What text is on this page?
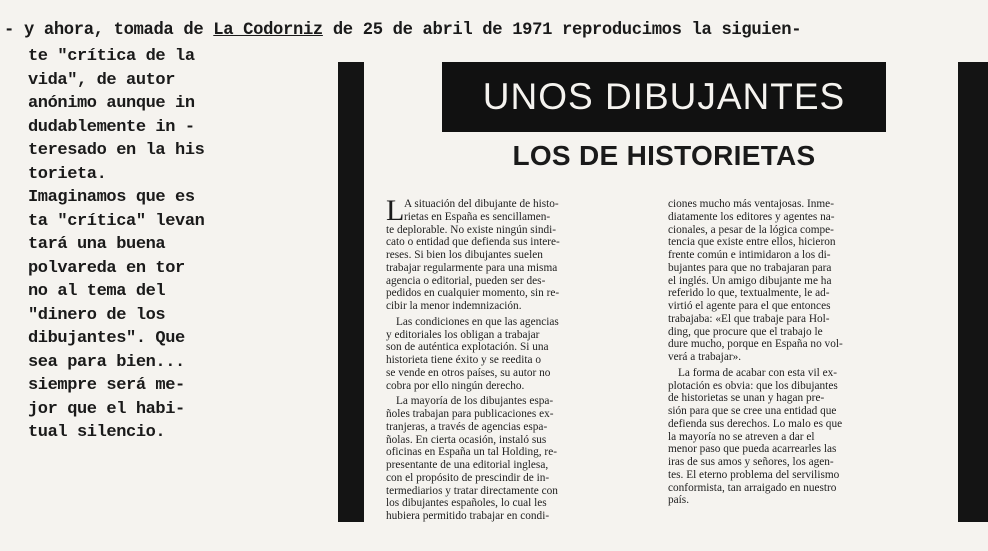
- y ahora, tomada de La Codorniz de 25 de abril de 1971 reproducimos la siguien-
te "crítica de la
vida", de autor
anónimo aunque in
dudablemente in -
teresado en la his
torieta.
Imaginamos que es
ta "crítica" levan
tará una buena
polvareda en tor
no al tema del
"dinero de los
dibujantes". Que
sea para bien...
siempre será me-
jor que el habi-
tual silencio.
UNOS DIBUJANTES
LOS DE HISTORIETAS
L A situación del dibujante de histo-
rietas en España es sencillamen-
te deplorable. No existe ningún sindi-
cato o entidad que defienda sus intere-
reses. Si bien los dibujantes suelen
trabajar regularmente para una misma
agencia o editorial, pueden ser des-
pedidos en cualquier momento, sin re-
cibir la menor indemnización.
Las condiciones en que las agencias
y editoriales los obligan a trabajar
son de auténtica explotación. Si una
historieta tiene éxito y se reedita o
se vende en otros países, su autor no
cobra por ello ningún derecho.
La mayoría de los dibujantes espa-
ñoles trabajan para publicaciones ex-
tranjeras, a través de agencias espa-
ñolas. En cierta ocasión, instaló sus
oficinas en España un tal Holding, re-
presentante de una editorial inglesa,
con el propósito de prescindir de in-
termediarios y tratar directamente con
los dibujantes españoles, lo cual les
hubiera permitido trabajar en condi-
ciones mucho más ventajosas. Inme-
diatamente los editores y agentes na-
cionales, a pesar de la lógica compe-
tencia que existe entre ellos, hicieron
frente común e intimidaron a los di-
bujantes para que no trabajaran para
el inglés. Un amigo dibujante me ha
referido lo que, textualmente, le ad-
virtió el agente para el que entonces
trabajaba: «El que trabaje para Hol-
ding, que procure que el trabajo le
dure mucho, porque en España no vol-
verá a trabajar».
La forma de acabar con esta vil ex-
plotación es obvia: que los dibujantes
de historietas se unan y hagan pre-
sión para que se cree una entidad que
defienda sus derechos. Lo malo es que
la mayoría no se atreven a dar el
menor paso que pueda acarrearles las
iras de sus amos y señores, los agen-
tes. El eterno problema del servilismo
conformista, tan arraigado en nuestro
país.
